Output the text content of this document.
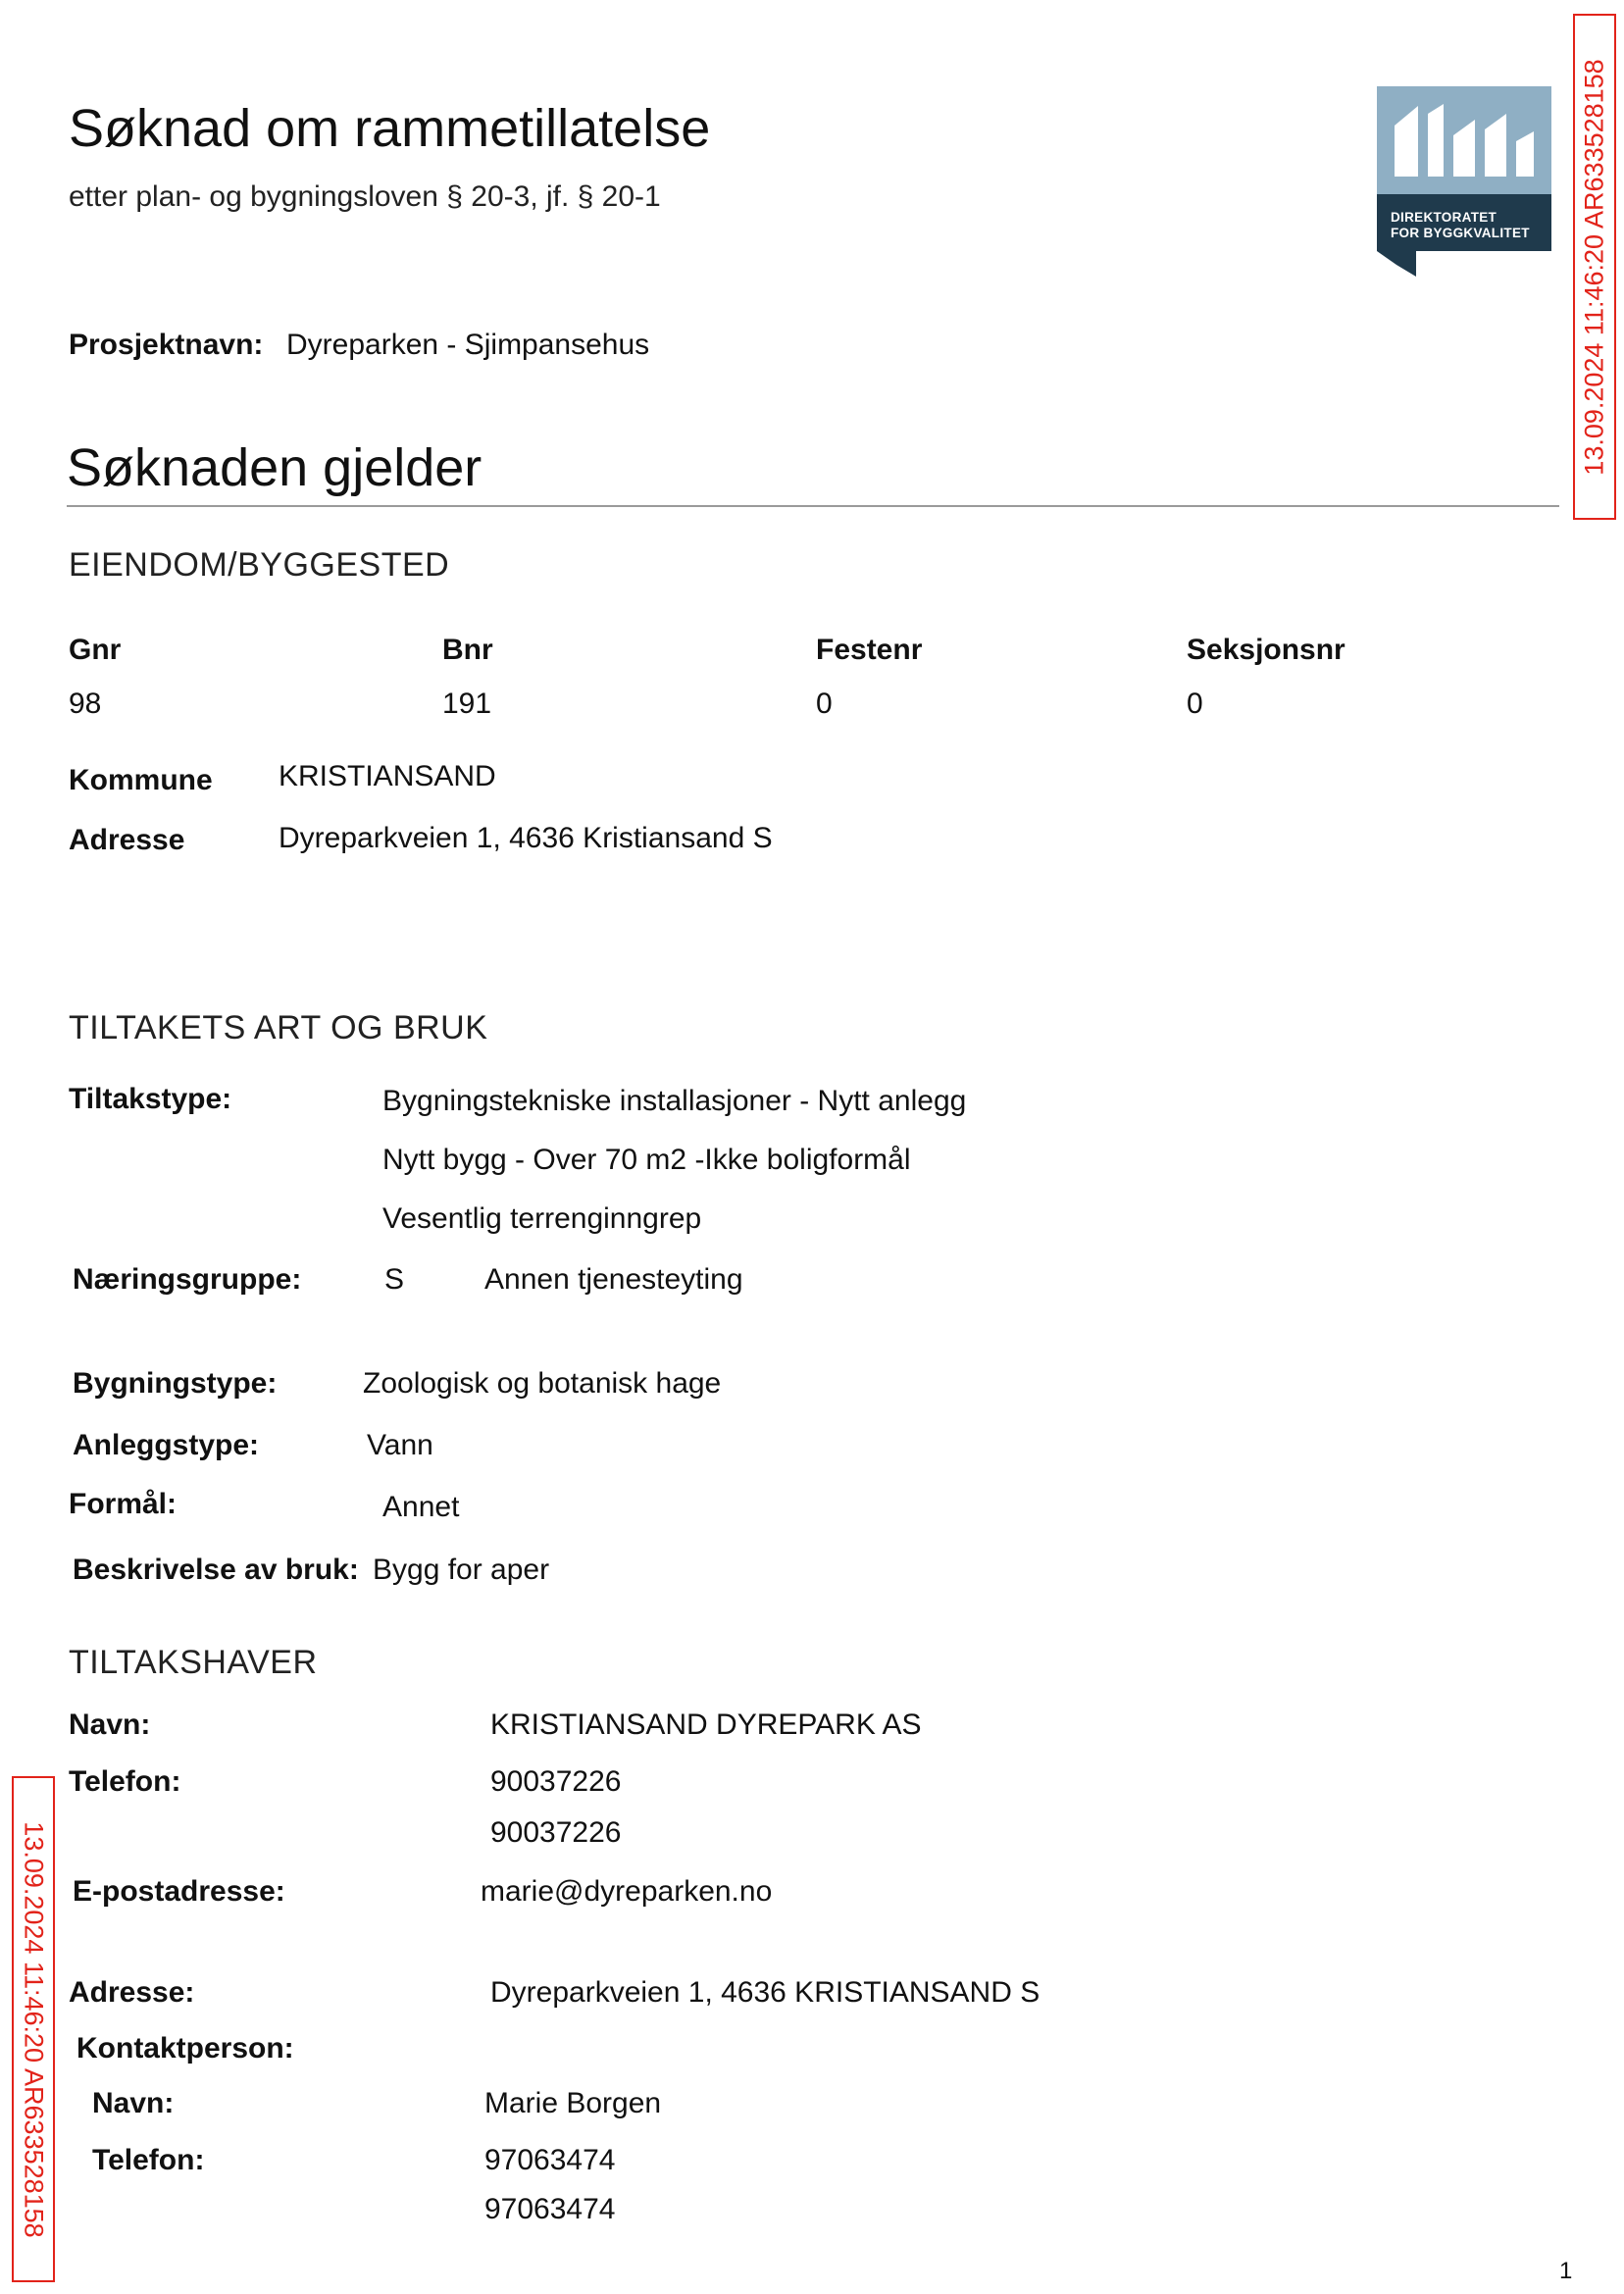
Søknad om rammetillatelse
etter plan- og bygningsloven § 20-3, jf. § 20-1
DIREKTORATET
FOR BYGGKVALITET 13.09.2024 11:46:20 AR633528158
13.09.2024 11:46:20 AR633528158
Prosjektnavn: Dyreparken - Sjimpansehus
Søknaden gjelder
EIENDOM/BYGGESTED
Gnr	Bnr	Festenr	Seksjonsnr
98	191	0	0
Kommune KRISTIANSAND
Adresse	Dyreparkveien 1, 4636 Kristiansand S
TILTAKETS ART OG BRUK
Tiltakstype:	Bygningstekniske installasjoner - Nytt anlegg
Nytt bygg - Over 70 m2 -Ikke boligformål
Vesentlig terrenginngrep
Næringsgruppe:	S	Annen tjenesteyting
Bygningstype:	Zoologisk og botanisk hage
Anleggstype:	Vann
Formål:	Annet
Beskrivelse av bruk: Bygg for aper
TILTAKSHAVER
Navn:	KRISTIANSAND DYREPARK AS
Telefon:	90037226
90037226
E-postadresse:	marie@dyreparken.no
Adresse:	Dyreparkveien 1, 4636 KRISTIANSAND S
Kontaktperson:
Navn:	Marie Borgen
Telefon:	97063474
97063474
1
